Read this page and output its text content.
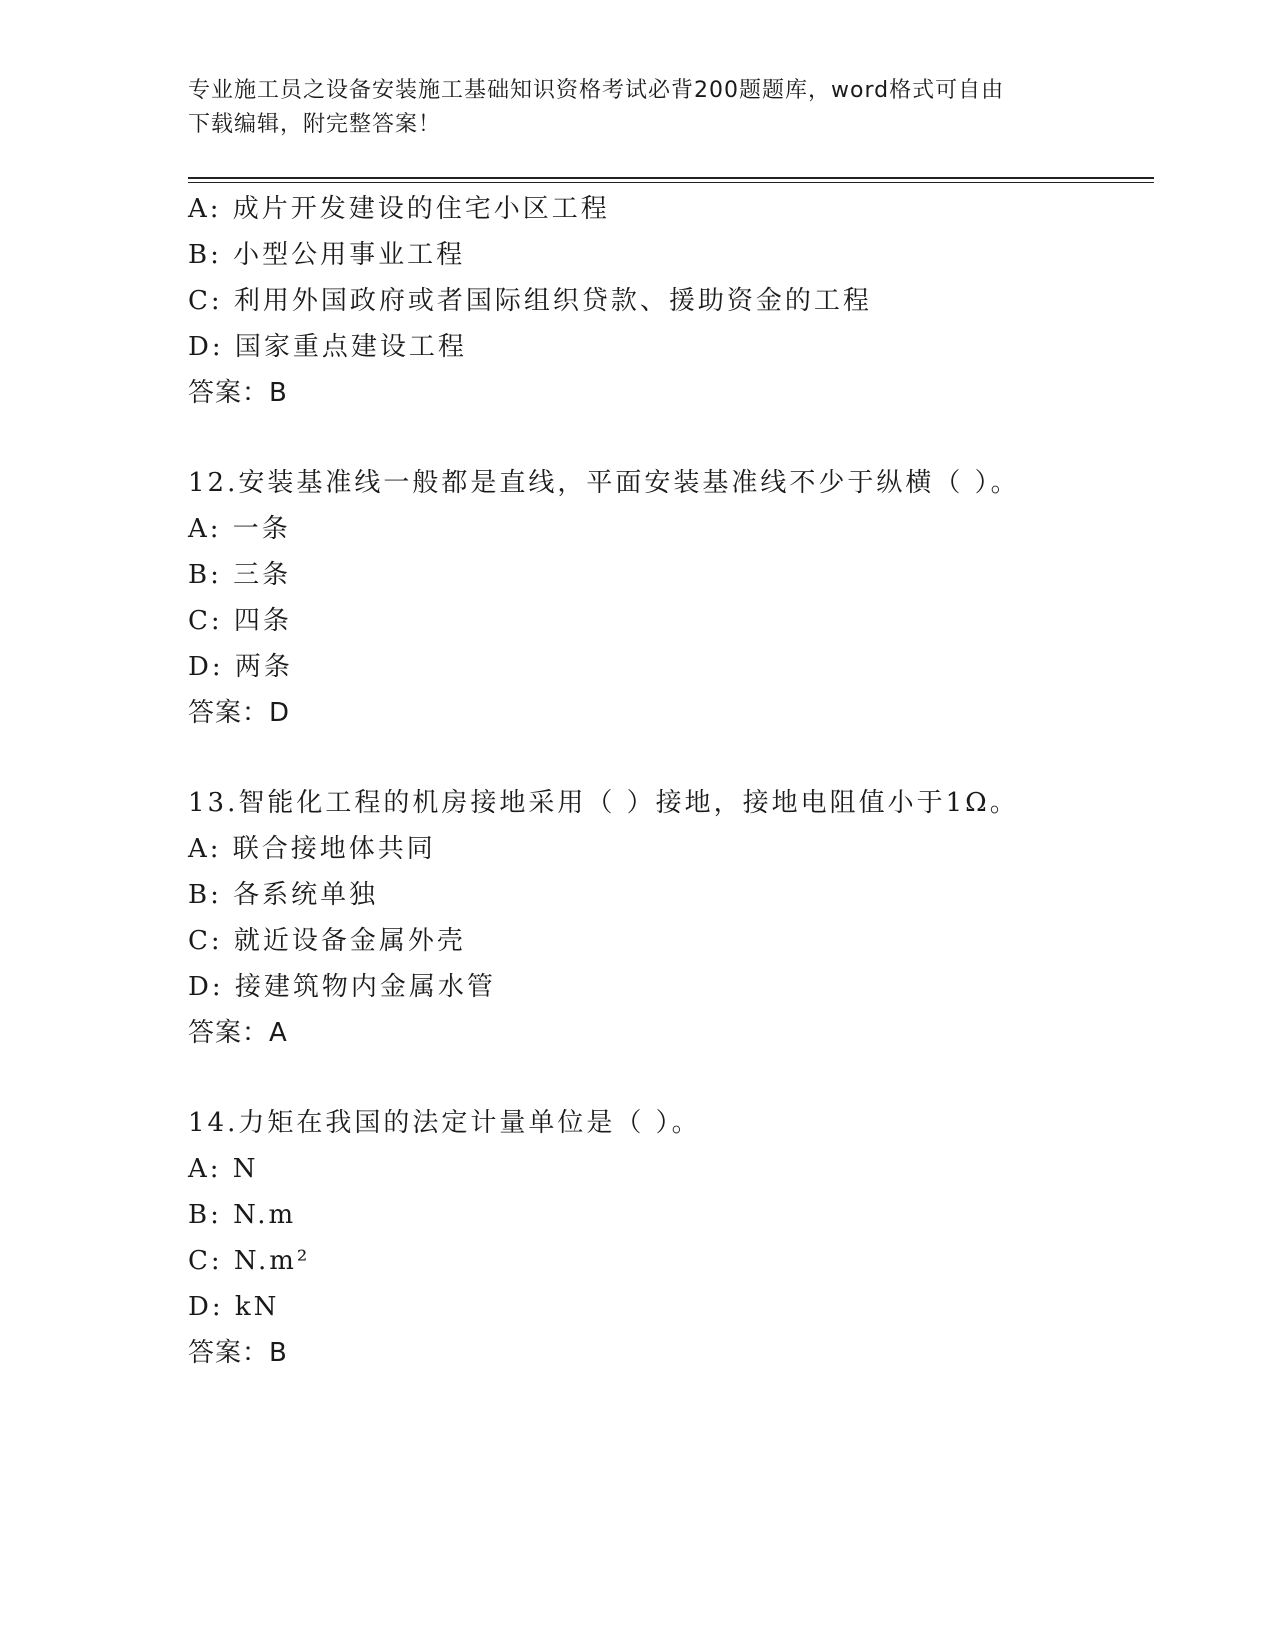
专业施工员之设备安装施工基础知识资格考试必背200题题库，word格式可自由
下载编辑，附完整答案！
A: 成片开发建设的住宅小区工程
B: 小型公用事业工程
C: 利用外国政府或者国际组织贷款、援助资金的工程
D: 国家重点建设工程
答案：B
12.安装基准线一般都是直线，平面安装基准线不少于纵横（ ）。
A: 一条
B: 三条
C: 四条
D: 两条
答案：D
13.智能化工程的机房接地采用（ ）接地，接地电阻值小于1Ω。
A: 联合接地体共同
B: 各系统单独
C: 就近设备金属外壳
D: 接建筑物内金属水管
答案：A
14.力矩在我国的法定计量单位是（ ）。
A: N
B: N.m
C: N.m²
D: kN
答案：B
